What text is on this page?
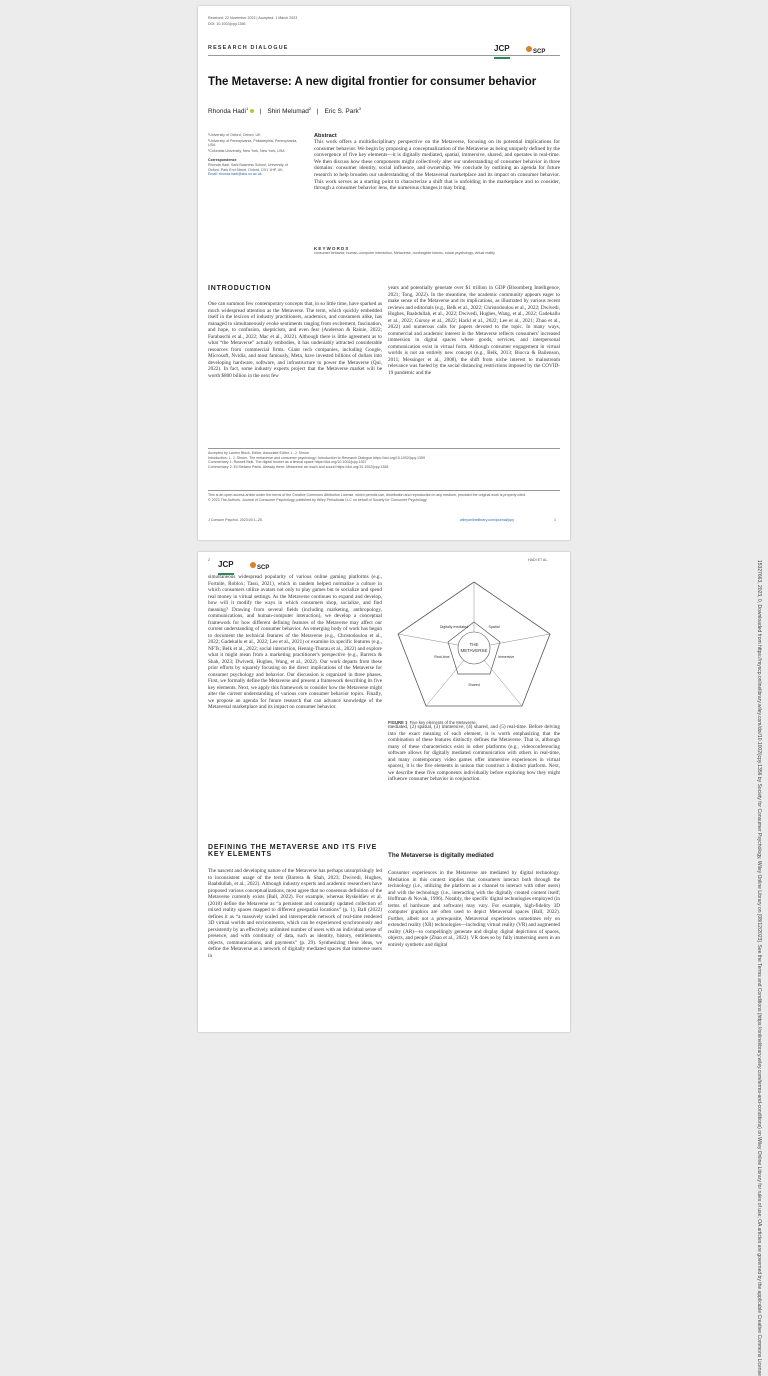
Received: 22 November 2022 | Accepted: 1 March 2023
DOI: 10.1002/jcpy.1356
RESEARCH DIALOGUE	JCP	SCP
The Metaverse: A new digital frontier for consumer behavior
Rhonda Hadi$^1$ | Shiri Melumad$^2$ | Eric S. Park$^3$
¹University of Oxford, Oxford, UK
²University of Pennsylvania, Philadelphia, Pennsylvania, USA
³Columbia University, New York, New York, USA
Correspondence
Rhonda Hadi, Saïd Business School, University of Oxford, Park End Street, Oxford, OX1 1HP, UK.
Email: rhonda.hadi@sbs.ox.ac.uk
Abstract
This work offers a multidisciplinary perspective on the Metaverse, focusing on its potential implications for consumer behavior. We begin by proposing a conceptualization of the Metaverse as being uniquely defined by the convergence of five key elements—it is digitally mediated, spatial, immersive, shared, and operates in real-time. We then discuss how these components might collectively alter our understanding of consumer behavior in three domains: consumer identity, social influence, and ownership. We conclude by outlining an agenda for future research to help broaden our understanding of the Metaversal marketplace and its impact on consumer behavior. This work serves as a starting point to characterize a shift that is unfolding in the marketplace and to consider, through a consumer behavior lens, the numerous changes it may bring.
KEYWORDS
consumer behavior, human–computer interaction, Metaverse, nonfungible tokens, social psychology, virtual reality
INTRODUCTION
One can summon few contemporary concepts that, in so little time, have sparked as much widespread attention as the Metaverse. The term, which quickly embedded itself in the lexicon of industry practitioners, academics, and consumers alike, has managed to simultaneously evoke sentiments ranging from excitement, fascination, and hope, to confusion, skepticism, and even fear (Anderson & Rainie, 2022; Farabaschi et al., 2022; Mac et al., 2022). Although there is little agreement as to what “the Metaverse” actually embodies, it has undeniably attracted considerable resources from commercial firms. Giant tech companies, including Google, Microsoft, Nvidia, and most famously, Meta, have invested billions of dollars into developing hardware, software, and infrastructure to power the Metaverse (Qui, 2022). In fact, some industry experts project that the Metaverse market will be worth $800 billion in the next few
years and potentially generate over $1 trillion in GDP (Bloomberg Intelligence, 2021; Tong, 2022). In the meantime, the academic community appears eager to make sense of the Metaverse and its implications, as illustrated by various recent reviews and editorials (e.g., Belk et al., 2022; Christodoulou et al., 2022; Dwivedi, Hughes, Baabdullah, et al., 2022; Dwivedi, Hughes, Wang, et al., 2022; Gadekallu et al., 2022; Gursoy et al., 2022; Hackl et al., 2022; Lee et al., 2021; Zhao et al., 2022) and numerous calls for papers devoted to the topic. In many ways, commercial and academic interest in the Metaverse reflects consumers' increased immersion in digital spaces where goods, services, and interpersonal communication exist in virtual form. Although consumer engagement in virtual worlds is not an entirely new concept (e.g., Belk, 2013; Biocca & Bailenson, 2011; Messinger et al., 2008), the shift from niche interest to mainstream relevance was fueled by the social distancing restrictions imposed by the COVID-19 pandemic and the
Accepted by Lauren Block, Editor; Associate Editor, L. J. Shrum
Introduction: L. J. Shrum. The metaverse and consumer psychology: Introduction to Research Dialogue https://doi.org/10.1002/jcpy.1359
Commentary 1: Russell Belk. The digital frontier as a liminal space https://doi.org/10.1002/jcpy.1357
Commentary 2: Eli Stefano Parisi. Already there: Metaverse as reach and sound https://doi.org/10.1002/jcpy.1358
This is an open access article under the terms of the Creative Commons Attribution License, which permits use, distribution and reproduction in any medium, provided the original work is properly cited.
© 2023 The Authors. Journal of Consumer Psychology published by Wiley Periodicals LLC on behalf of Society for Consumer Psychology.
J Consum Psychol. 2023;00:1–25.	wileyonlinelibrary.com/journal/jcpy	1
2 JCP	SCP
HADI ET AL.
simultaneous widespread popularity of various online gaming platforms (e.g., Fortnite, Roblox; Tassi, 2021), which in tandem helped normalize a culture in which consumers utilize avatars not only to play games but to socialize and spend real money in virtual settings. As the Metaverse continues to expand and develop, how will it modify the ways in which consumers shop, socialize, and find meaning? Drawing from several fields (including marketing, anthropology, communications, and human-computer interaction), we develop a conceptual framework for how different defining features of the Metaverse may affect our current understanding of consumer behavior. An emerging body of work has begun to document the technical features of the Metaverse (e.g., Christodoulou et al., 2022; Gadekallu et al., 2022; Lee et al., 2021) or examine its specific features (e.g., NFTs; Belk et al., 2022; social interaction, Hennig-Thurau et al., 2022) and explore what it might mean from a marketing practitioner's perspective (e.g., Barrera & Shah, 2023; Dwivedi, Hughes, Wang, et al., 2022). Our work departs from these prior efforts by squarely focusing on the direct implications of the Metaverse for consumer psychology and behavior. Our discussion is organized in three phases. First, we formally define the Metaverse and present a framework describing its five key elements. Next, we apply this framework to consider how the Metaverse might alter the current understanding of various core consumer behavior topics. Finally, we propose an agenda for future research that can advance knowledge of the Metaversal marketplace and its impact on consumer behavior.
DEFINING THE METAVERSE AND ITS FIVE KEY ELEMENTS
The nascent and developing nature of the Metaverse has perhaps unsurprisingly led to inconsistent usage of the term (Barrera & Shah, 2023; Dwivedi, Hughes, Baabdullah, et al., 2022). Although industry experts and academic researchers have proposed various conceptualizations, most agree that no consensus definition of the Metaverse currently exists (Ball, 2022). For example, whereas Ryskeldiev et al. (2018) define the Metaverse as “a persistent and constantly updated collection of mixed reality spaces mapped to different geospatial locations” (p. 1), Ball (2022) defines it as “a massively scaled and interoperable network of real-time rendered 3D virtual worlds and environments, which can be experienced synchronously and persistently by an effectively unlimited number of users with an individual sense of presence, and with continuity of data, such as identity, history, entitlements, objects, communications, and payments” (p. 29). Synthesizing these ideas, we define the Metaverse as a network of digitally mediated spaces that immerse users in
THE
METAVERSE
Digitally mediated	Spatial
Immersive
Shared
Real-time
FIGURE 1 Five key elements of the Metaverse.
mediated, (2) spatial, (3) immersive, (4) shared, and (5) real-time. Before delving into the exact meaning of each element, it is worth emphasizing that the combination of these features distinctly defines the Metaverse. That is, although many of these characteristics exist in other platforms (e.g., videoconferencing software allows for digitally mediated communication with others in real-time, and many contemporary video games offer immersive experiences in virtual spaces), it is the five elements in unison that construct a distinct platform. Next, we describe these five components individually before exploring how they might influence consumer behavior in conjunction.
The Metaverse is digitally mediated
Consumer experiences in the Metaverse are mediated by digital technology. Mediation in this context implies that consumers interact both through the technology (i.e., utilizing the platform as a channel to interact with other users) and with the technology (i.e., interacting with the digitally created content itself; Hoffman & Novak, 1996). Notably, the specific digital technologies employed (in terms of hardware and software) may vary. For example, high-fidelity 3D computer graphics are often used to depict Metaversal spaces (Ball, 2022). Further, albeit not a prerequisite, Metaversal experiences sometimes rely on extended reality (XR) technologies—including virtual reality (VR) and augmented reality (AR)—to compellingly generate and display digital depictions of spaces, objects, and people (Zhao et al., 2022). VR does so by fully immersing users in an entirely synthetic and digital	15327663, 2023, 0, Downloaded from https://myscp.onlinelibrary.wiley.com/doi/10.1002/jcpy.1356 by Society for Consumer Psychology, Wiley Online Library on [08/12/2023]. See the Terms and Conditions (https://onlinelibrary.wiley.com/terms-and-conditions) on Wiley Online Library for rules of use; OA articles are governed by the applicable Creative Commons License
